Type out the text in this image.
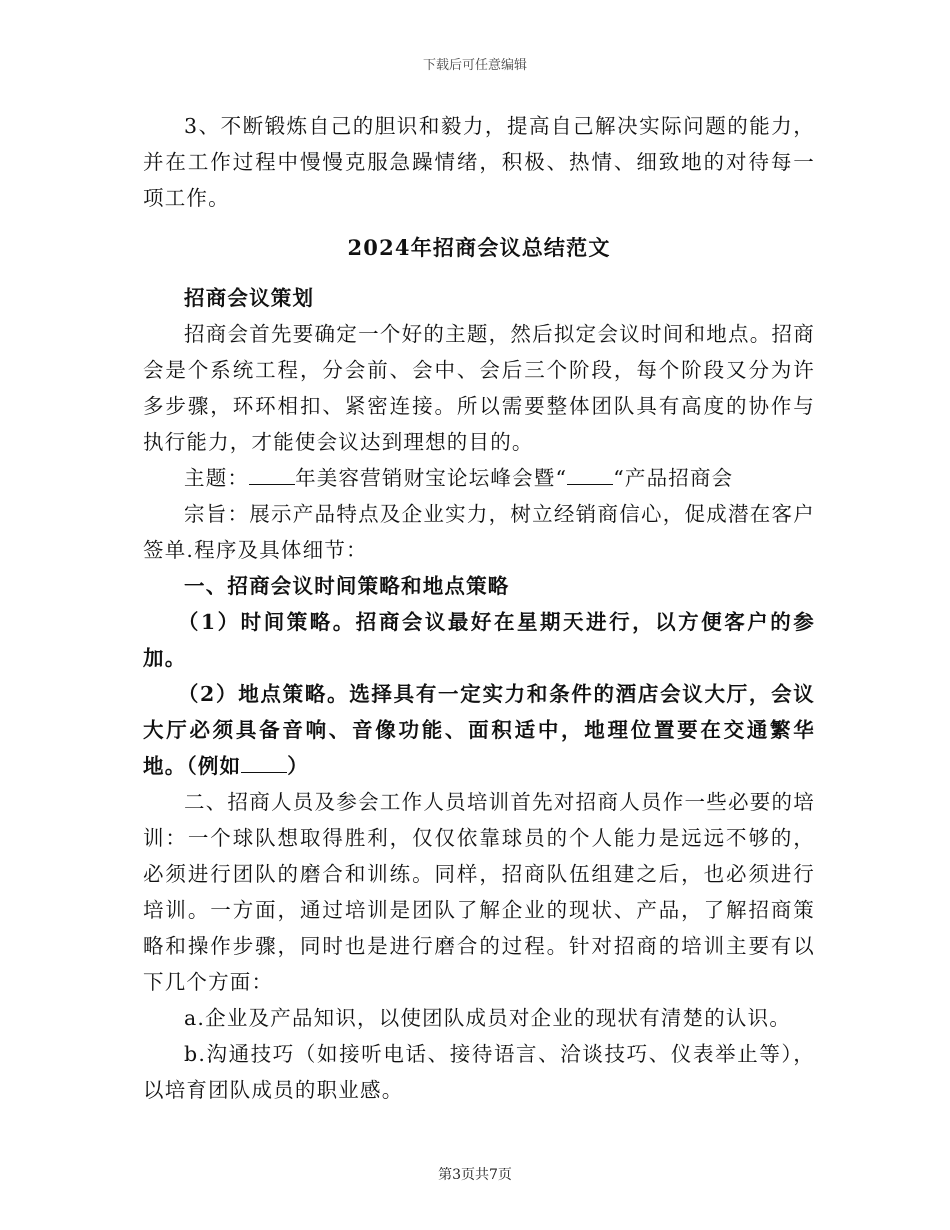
下载后可任意编辑

3、不断锻炼自己的胆识和毅力，提高自己解决实际问题的能力，并在工作过程中慢慢克服急躁情绪，积极、热情、细致地的对待每一项工作。

2024年招商会议总结范文

招商会议策划

招商会首先要确定一个好的主题，然后拟定会议时间和地点。招商会是个系统工程，分会前、会中、会后三个阶段，每个阶段又分为许多步骤，环环相扣、紧密连接。所以需要整体团队具有高度的协作与执行能力，才能使会议达到理想的目的。

主题： 年美容营销财宝论坛峰会暨“ “产品招商会

宗旨：展示产品特点及企业实力，树立经销商信心，促成潜在客户签单.程序及具体细节：

一、招商会议时间策略和地点策略

（1）时间策略。招商会议最好在星期天进行，以方便客户的参加。

（2）地点策略。选择具有一定实力和条件的酒店会议大厅，会议大厅必须具备音响、音像功能、面积适中，地理位置要在交通繁华地。（例如 ）

二、招商人员及参会工作人员培训首先对招商人员作一些必要的培训：一个球队想取得胜利，仅仅依靠球员的个人能力是远远不够的，必须进行团队的磨合和训练。同样，招商队伍组建之后，也必须进行培训。一方面，通过培训是团队了解企业的现状、产品，了解招商策略和操作步骤，同时也是进行磨合的过程。针对招商的培训主要有以下几个方面：

a.企业及产品知识，以使团队成员对企业的现状有清楚的认识。

b.沟通技巧（如接听电话、接待语言、洽谈技巧、仪表举止等），以培育团队成员的职业感。

第3页共7页
